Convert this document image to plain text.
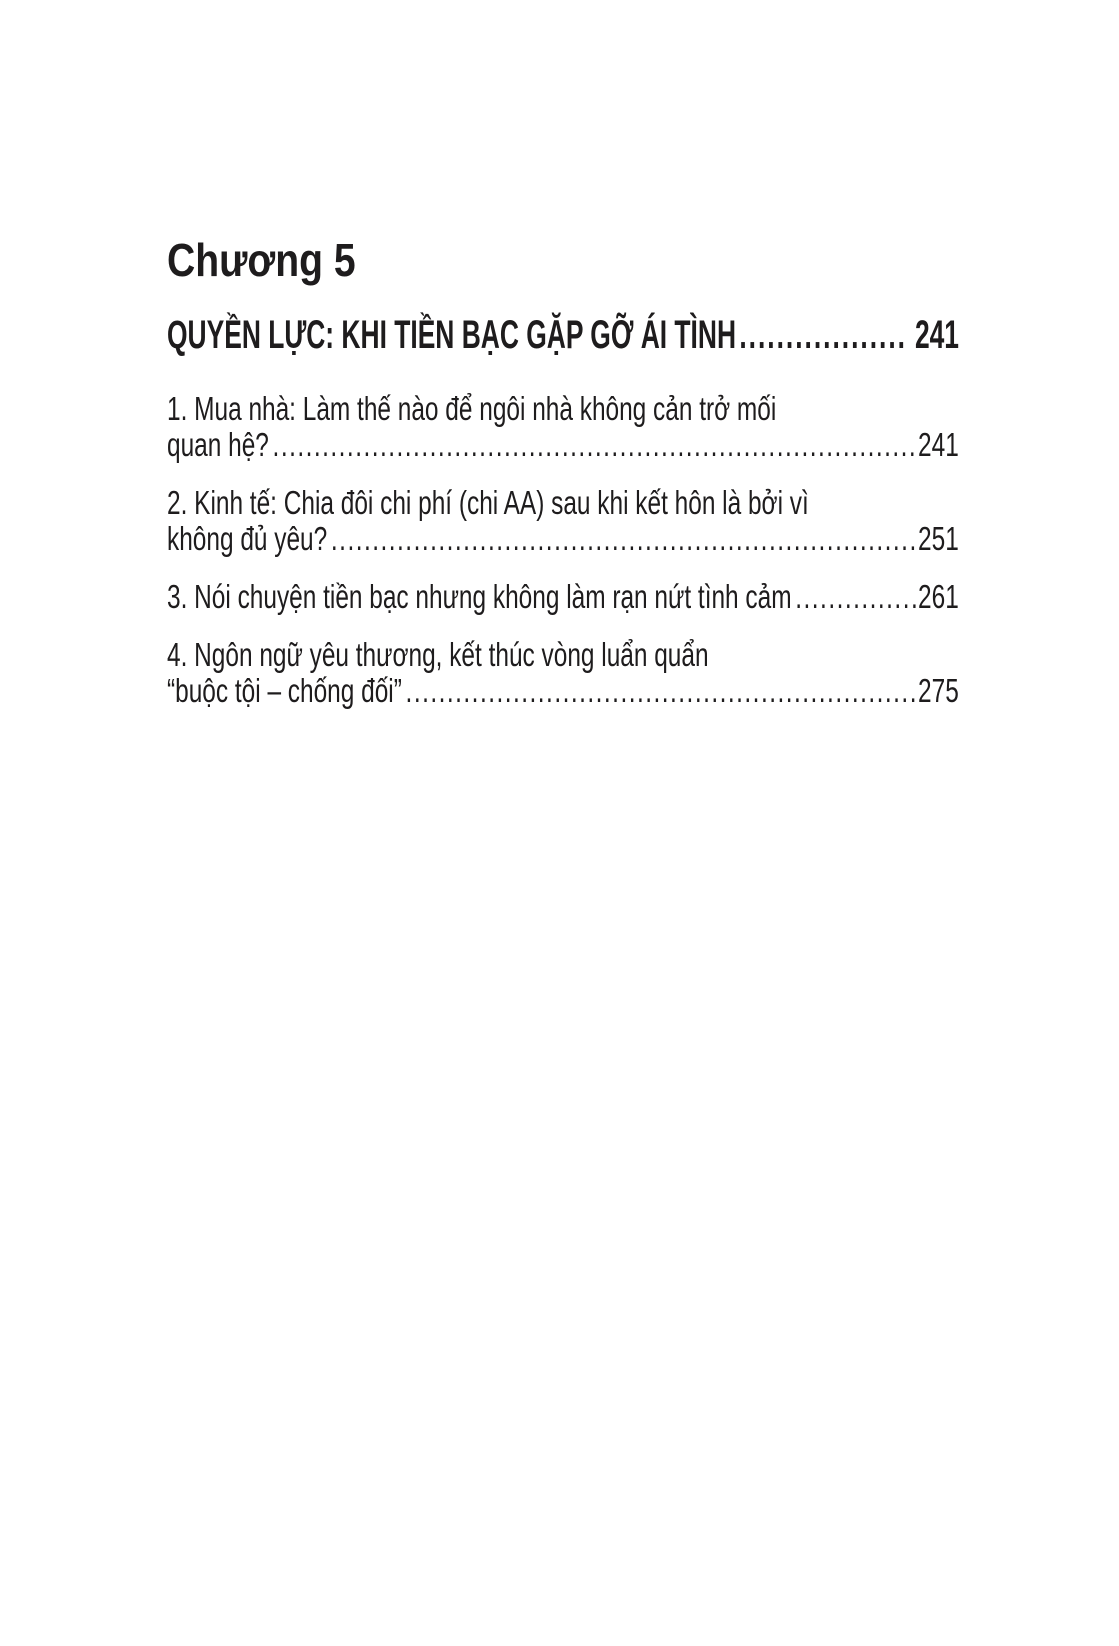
Chương 5
QUYỀN LỰC: KHI TIỀN BẠC GẶP GỠ ÁI TÌNH .....	241
1. Mua nhà: Làm thế nào để ngôi nhà không cản trở mối
quan hệ? .....	241
2. Kinh tế: Chia đôi chi phí (chi AA) sau khi kết hôn là bởi vì
không đủ yêu? .....	251
3. Nói chuyện tiền bạc nhưng không làm rạn nứt tình cảm .....	261
4. Ngôn ngữ yêu thương, kết thúc vòng luẩn quẩn
“buộc tội – chống đối” .....	275
